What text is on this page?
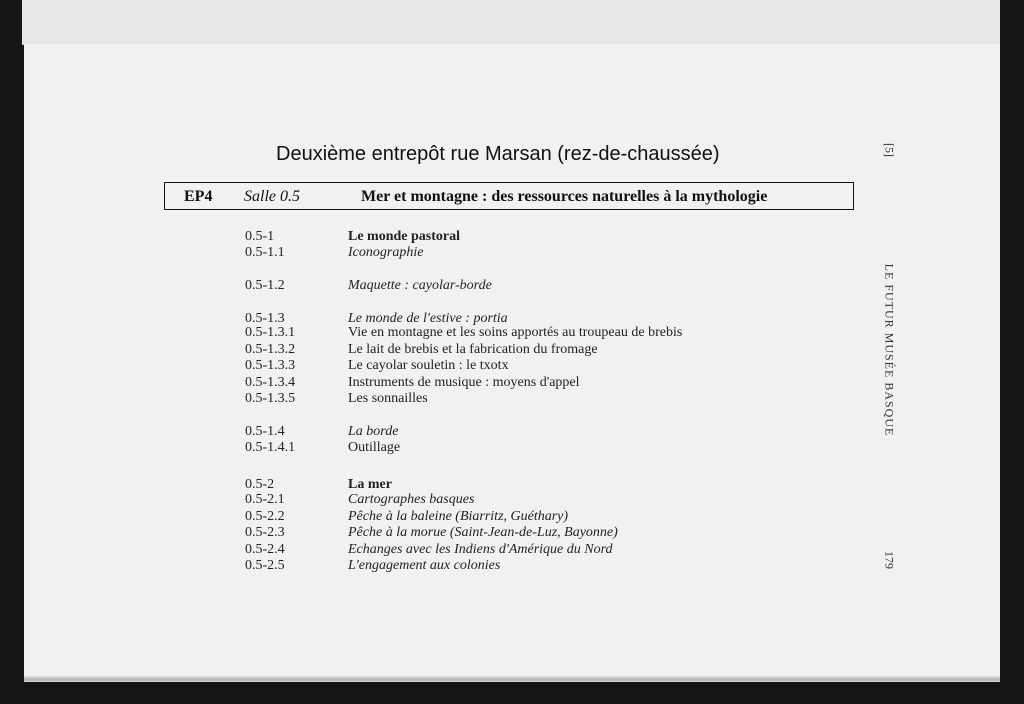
Deuxième entrepôt rue Marsan (rez-de-chaussée)
EP4 Salle 0.5	Mer et montagne : des ressources naturelles à la mythologie
0.5-1	Le monde pastoral
0.5-1.1	Iconographie
0.5-1.2	Maquette : cayolar-borde
0.5-1.3	Le monde de l'estive : portia
0.5-1.3.1	Vie en montagne et les soins apportés au troupeau de brebis
0.5-1.3.2	Le lait de brebis et la fabrication du fromage
0.5-1.3.3	Le cayolar souletin : le txotx
0.5-1.3.4	Instruments de musique : moyens d'appel
0.5-1.3.5	Les sonnailles
0.5-1.4	La borde
0.5-1.4.1	Outillage
0.5-2	La mer
0.5-2.1	Cartographes basques
0.5-2.2	Pêche à la baleine (Biarritz, Guéthary)
0.5-2.3	Pêche à la morue (Saint-Jean-de-Luz, Bayonne)
0.5-2.4	Echanges avec les Indiens d'Amérique du Nord
0.5-2.5	L'engagement aux colonies
[5]
LE FUTUR MUSÉE BASQUE
179
